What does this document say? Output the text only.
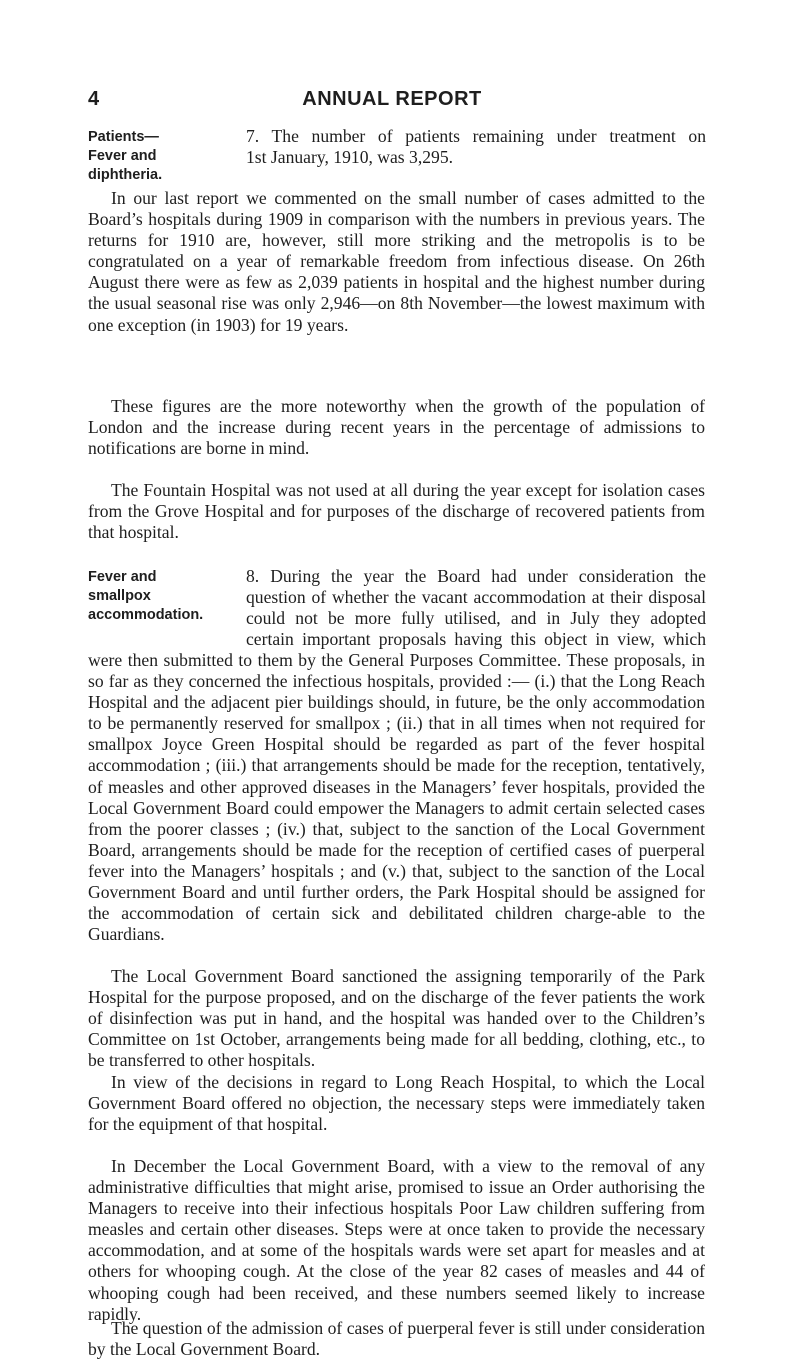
4	ANNUAL REPORT
Patients—
Fever and
diphtheria.
7. The number of patients remaining under treatment on
1st January, 1910, was 3,295.

In our last report we commented on the small number of cases admitted to the Board’s hospitals during 1909 in comparison with the numbers in previous years. The returns for 1910 are, however, still more striking and the metropolis is to be congratulated on a year of remarkable freedom from infectious disease. On 26th August there were as few as 2,039 patients in hospital and the highest number during the usual seasonal rise was only 2,946—on 8th November—the lowest maximum with one exception (in 1903) for 19 years.

These figures are the more noteworthy when the growth of the population of London and the increase during recent years in the percentage of admissions to notifications are borne in mind.

The Fountain Hospital was not used at all during the year except for isolation cases from the Grove Hospital and for purposes of the discharge of recovered patients from that hospital.

Fever and
smallpox
accommodation.
8. During the year the Board had under consideration the
question of whether the vacant accommodation at their disposal
could not be more fully utilised, and in July they adopted
certain important proposals having this object in view, which

were then submitted to them by the General Purposes Committee. These proposals, in so far as they concerned the infectious hospitals, provided :— (i.) that the Long Reach Hospital and the adjacent pier buildings should, in future, be the only accommodation to be permanently reserved for smallpox ; (ii.) that in all times when not required for smallpox Joyce Green Hospital should be regarded as part of the fever hospital accommodation ; (iii.) that arrangements should be made for the reception, tentatively, of measles and other approved diseases in the Managers’ fever hospitals, provided the Local Government Board could empower the Managers to admit certain selected cases from the poorer classes ; (iv.) that, subject to the sanction of the Local Government Board, arrangements should be made for the reception of certified cases of puerperal fever into the Managers’ hospitals ; and (v.) that, subject to the sanction of the Local Government Board and until further orders, the Park Hospital should be assigned for the accommodation of certain sick and debilitated children charge-able to the Guardians.

The Local Government Board sanctioned the assigning temporarily of the Park Hospital for the purpose proposed, and on the discharge of the fever patients the work of disinfection was put in hand, and the hospital was handed over to the Children’s Committee on 1st October, arrangements being made for all bedding, clothing, etc., to be transferred to other hospitals.

In view of the decisions in regard to Long Reach Hospital, to which the Local Government Board offered no objection, the necessary steps were immediately taken for the equipment of that hospital.

In December the Local Government Board, with a view to the removal of any administrative difficulties that might arise, promised to issue an Order authorising the Managers to receive into their infectious hospitals Poor Law children suffering from measles and certain other diseases. Steps were at once taken to provide the necessary accommodation, and at some of the hospitals wards were set apart for measles and at others for whooping cough. At the close of the year 82 cases of measles and 44 of whooping cough had been received, and these numbers seemed likely to increase rapidly.

The question of the admission of cases of puerperal fever is still under consideration by the Local Government Board.
